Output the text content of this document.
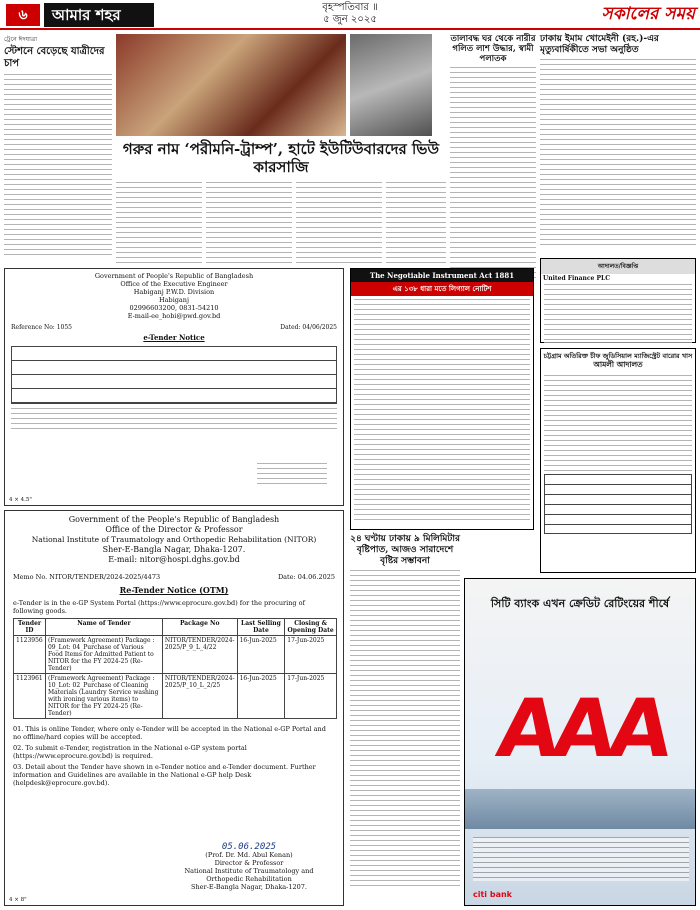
৬	আমার শহর	বৃহস্পতিবার ॥
৫ জুন ২০২৫	সকালের সময়
ট্রেনে ঈদযাত্রা
স্টেশনে বেড়েছে যাত্রীদের চাপ
গরুর নাম ‘পরীমনি-ট্রাম্প’, হাটে ইউটিউবারদের ভিউ কারসাজি
তালাবদ্ধ ঘর থেকে নারীর গলিত লাশ উদ্ধার, স্বামী পলাতক
ঢাকায় ইমাম খোমেইনী (রহ.)-এর মৃত্যুবার্ষিকীতে সভা অনুষ্ঠিত
আদালত/বিজ্ঞপ্তি
United Finance PLC
চট্টগ্রাম অতিরিক্ত চীফ জুডিসিয়াল ম্যাজিস্ট্রেট বারোর খাস
আমলী আদালত
Government of People's Republic of Bangladesh
Office of the Executive Engineer
Habiganj P.W.D. Division
Habiganj
02996603200, 0831-54210
E-mail-ee_hobi@pwd.gov.bd
Reference No: 1055	Dated: 04/06/2025
e-Tender Notice
4 × 4.5"
The Negotiable Instrument Act 1881
এর ১৩৮ ধারা মতে লিগ্যাল নোটিশ
Government of the People's Republic of Bangladesh
Office of the Director & Professor
National Institute of Traumatology and Orthopedic Rehabilitation (NITOR)
Sher-E-Bangla Nagar, Dhaka-1207.
E-mail: nitor@hospi.dghs.gov.bd
Memo No. NITOR/TENDER/2024-2025/4473	Date: 04.06.2025
Re-Tender Notice (OTM)
e-Tender is in the e-GP System Portal (https://www.eprocure.gov.bd) for the procuring of following goods.
Tender ID	Name of Tender	Package No	Last Selling Date	Closing & Opening Date
1123956	(Framework Agreement) Package : 09_Lot: 04_Purchase of Various Food Items for Admitted Patient to NITOR for the FY 2024-25 (Re-Tender)	NITOR/TENDER/2024-2025/P_9_L_4/22	16-Jun-2025	17-Jun-2025
1123961	(Framework Agreement) Package : 10_Lot: 02_Purchase of Cleaning Materials (Laundry Service washing with ironing various items) to NITOR for the FY 2024-25 (Re-Tender)	NITOR/TENDER/2024-2025/P_10_L_2/25	16-Jun-2025	17-Jun-2025
01. This is online Tender, where only e-Tender will be accepted in the National e-GP Portal and no offline/hard copies will be accepted.
02. To submit e-Tender, registration in the National e-GP system portal (https://www.eprocure.gov.bd) is required.
03. Detail about the Tender have shown in e-Tender notice and e-Tender document. Further information and Guidelines are available in the National e-GP help Desk (helpdesk@eprocure.gov.bd).
05.06.2025
(Prof. Dr. Md. Abul Kenan)
Director & Professor
National Institute of Traumatology and Orthopedic Rehabilitation
Sher-E-Bangla Nagar, Dhaka-1207.
4 × 8"
২৪ ঘণ্টায় ঢাকায় ৯ মিলিমিটার বৃষ্টিপাত, আজও সারাদেশে বৃষ্টির সম্ভাবনা
সিটি ব্যাংক এখন ক্রেডিট রেটিংয়ের শীর্ষে
AAA
citi bank
